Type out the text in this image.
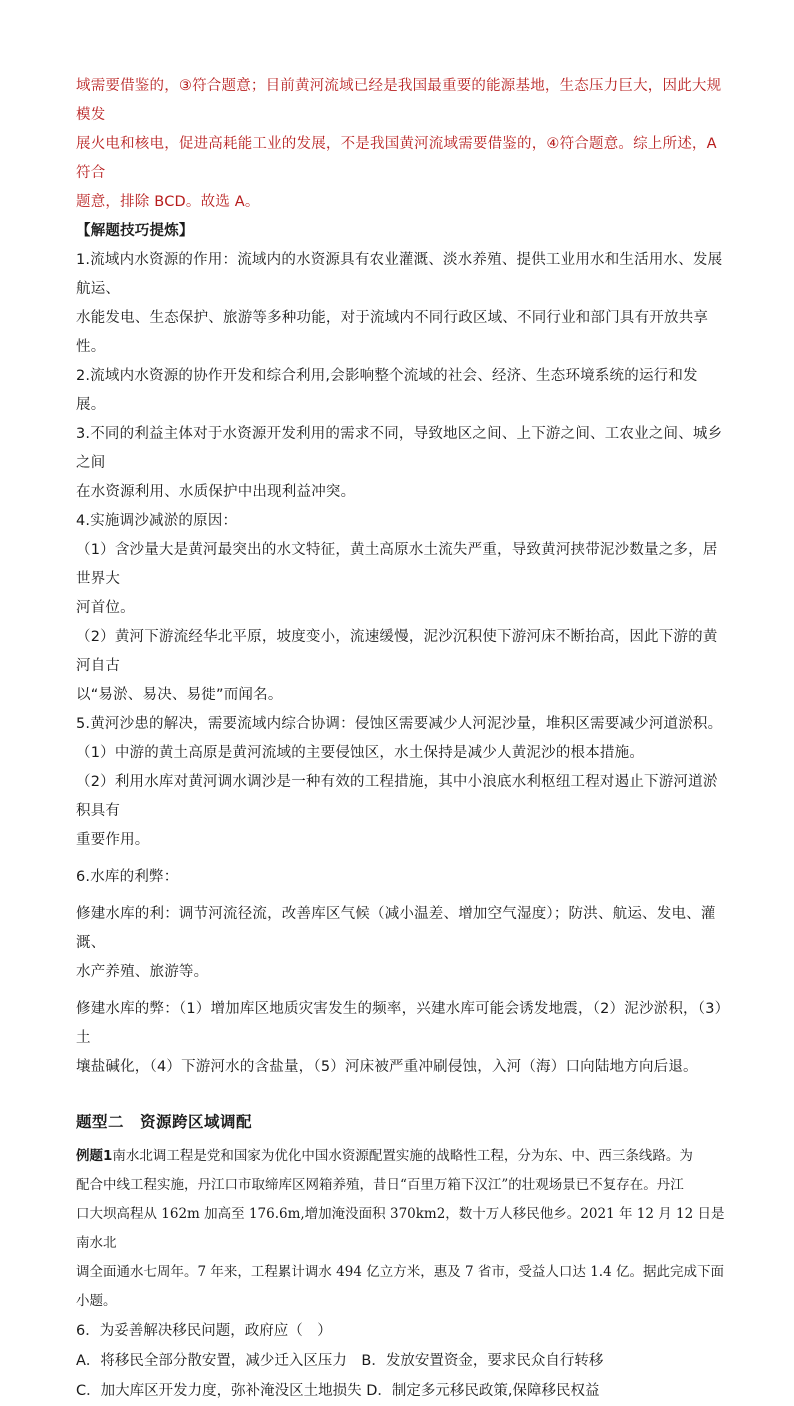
域需要借鉴的，③符合题意；目前黄河流域已经是我国最重要的能源基地，生态压力巨大，因此大规模发

展火电和核电，促进高耗能工业的发展，不是我国黄河流域需要借鉴的，④符合题意。综上所述，A 符合

题意，排除 BCD。故选 A。

【解题技巧提炼】

1.流域内水资源的作用：流域内的水资源具有农业灌溉、淡水养殖、提供工业用水和生活用水、发展航运、

水能发电、生态保护、旅游等多种功能，对于流域内不同行政区域、不同行业和部门具有开放共享性。

2.流域内水资源的协作开发和综合利用,会影响整个流域的社会、经济、生态环境系统的运行和发展。

3.不同的利益主体对于水资源开发利用的需求不同，导致地区之间、上下游之间、工农业之间、城乡之间

在水资源利用、水质保护中出现利益冲突。

4.实施调沙减淤的原因：

（1）含沙量大是黄河最突出的水文特征，黄土高原水土流失严重，导致黄河挟带泥沙数量之多，居世界大

河首位。

（2）黄河下游流经华北平原，坡度变小，流速缓慢，泥沙沉积使下游河床不断抬高，因此下游的黄河自古

以“易淤、易决、易徙”而闻名。

5.黄河沙患的解决，需要流域内综合协调：侵蚀区需要减少人河泥沙量，堆积区需要减少河道淤积。

（1）中游的黄土高原是黄河流域的主要侵蚀区，水土保持是减少人黄泥沙的根本措施。

（2）利用水库对黄河调水调沙是一种有效的工程措施，其中小浪底水利枢纽工程对遏止下游河道淤积具有

重要作用。

6.水库的利弊：

修建水库的利：调节河流径流，改善库区气候（减小温差、增加空气湿度）；防洪、航运、发电、灌溉、

水产养殖、旅游等。

修建水库的弊：（1）增加库区地质灾害发生的频率，兴建水库可能会诱发地震，（2）泥沙淤积，（3）土

壤盐碱化，（4）下游河水的含盐量，（5）河床被严重冲刷侵蚀，入河（海）口向陆地方向后退。

题型二　资源跨区域调配

例题1南水北调工程是党和国家为优化中国水资源配置实施的战略性工程，分为东、中、西三条线路。为

配合中线工程实施，丹江口市取缔库区网箱养殖，昔日“百里万箱下汉江”的壮观场景已不复存在。丹江

口大坝高程从 162m 加高至 176.6m,增加淹没面积 370km2，数十万人移民他乡。2021 年 12 月 12 日是南水北

调全面通水七周年。7 年来，工程累计调水 494 亿立方米，惠及 7 省市，受益人口达 1.4 亿。据此完成下面

小题。

6．为妥善解决移民问题，政府应（　）

A．将移民全部分散安置，减少迁入区压力　B．发放安置资金，要求民众自行转移

C．加大库区开发力度，弥补淹没区土地损失 D．制定多元移民政策,保障移民权益
